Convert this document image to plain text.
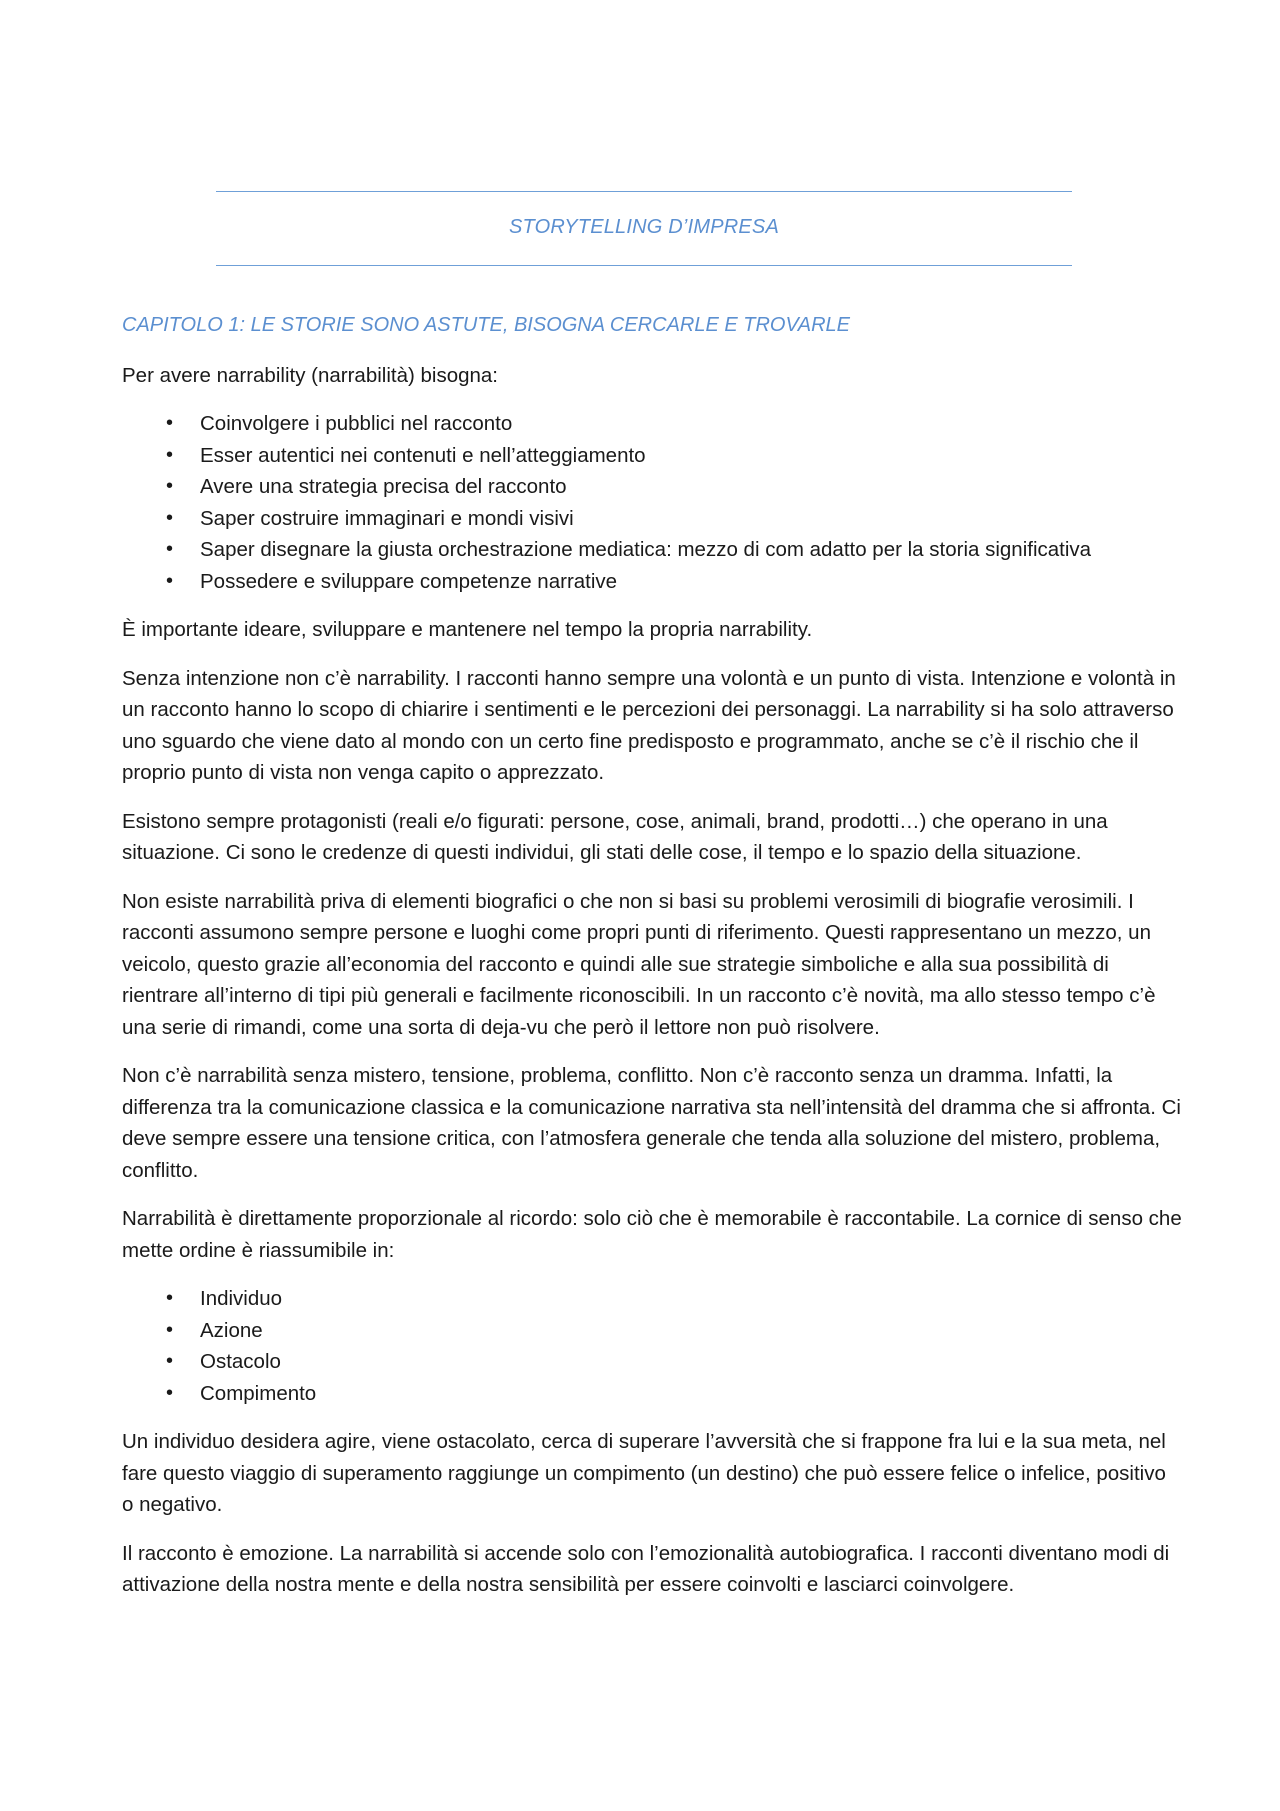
STORYTELLING D’IMPRESA
CAPITOLO 1: LE STORIE SONO ASTUTE, BISOGNA CERCARLE E TROVARLE

Per avere narrability (narrabilità) bisogna:

• Coinvolgere i pubblici nel racconto
• Esser autentici nei contenuti e nell’atteggiamento
• Avere una strategia precisa del racconto
• Saper costruire immaginari e mondi visivi
• Saper disegnare la giusta orchestrazione mediatica: mezzo di com adatto per la storia significativa
• Possedere e sviluppare competenze narrative

È importante ideare, sviluppare e mantenere nel tempo la propria narrability.

Senza intenzione non c’è narrability. I racconti hanno sempre una volontà e un punto di vista. Intenzione e volontà in un racconto hanno lo scopo di chiarire i sentimenti e le percezioni dei personaggi. La narrability si ha solo attraverso uno sguardo che viene dato al mondo con un certo fine predisposto e programmato, anche se c’è il rischio che il proprio punto di vista non venga capito o apprezzato.

Esistono sempre protagonisti (reali e/o figurati: persone, cose, animali, brand, prodotti…) che operano in una situazione. Ci sono le credenze di questi individui, gli stati delle cose, il tempo e lo spazio della situazione.

Non esiste narrabilità priva di elementi biografici o che non si basi su problemi verosimili di biografie verosimili. I racconti assumono sempre persone e luoghi come propri punti di riferimento. Questi rappresentano un mezzo, un veicolo, questo grazie all’economia del racconto e quindi alle sue strategie simboliche e alla sua possibilità di rientrare all’interno di tipi più generali e facilmente riconoscibili. In un racconto c’è novità, ma allo stesso tempo c’è una serie di rimandi, come una sorta di deja-vu che però il lettore non può risolvere.

Non c’è narrabilità senza mistero, tensione, problema, conflitto. Non c’è racconto senza un dramma. Infatti, la differenza tra la comunicazione classica e la comunicazione narrativa sta nell’intensità del dramma che si affronta. Ci deve sempre essere una tensione critica, con l’atmosfera generale che tenda alla soluzione del mistero, problema, conflitto.

Narrabilità è direttamente proporzionale al ricordo: solo ciò che è memorabile è raccontabile. La cornice di senso che mette ordine è riassumibile in:

• Individuo
• Azione
• Ostacolo
• Compimento

Un individuo desidera agire, viene ostacolato, cerca di superare l’avversità che si frappone fra lui e la sua meta, nel fare questo viaggio di superamento raggiunge un compimento (un destino) che può essere felice o infelice, positivo o negativo.

Il racconto è emozione. La narrabilità si accende solo con l’emozionalità autobiografica. I racconti diventano modi di attivazione della nostra mente e della nostra sensibilità per essere coinvolti e lasciarci coinvolgere.
